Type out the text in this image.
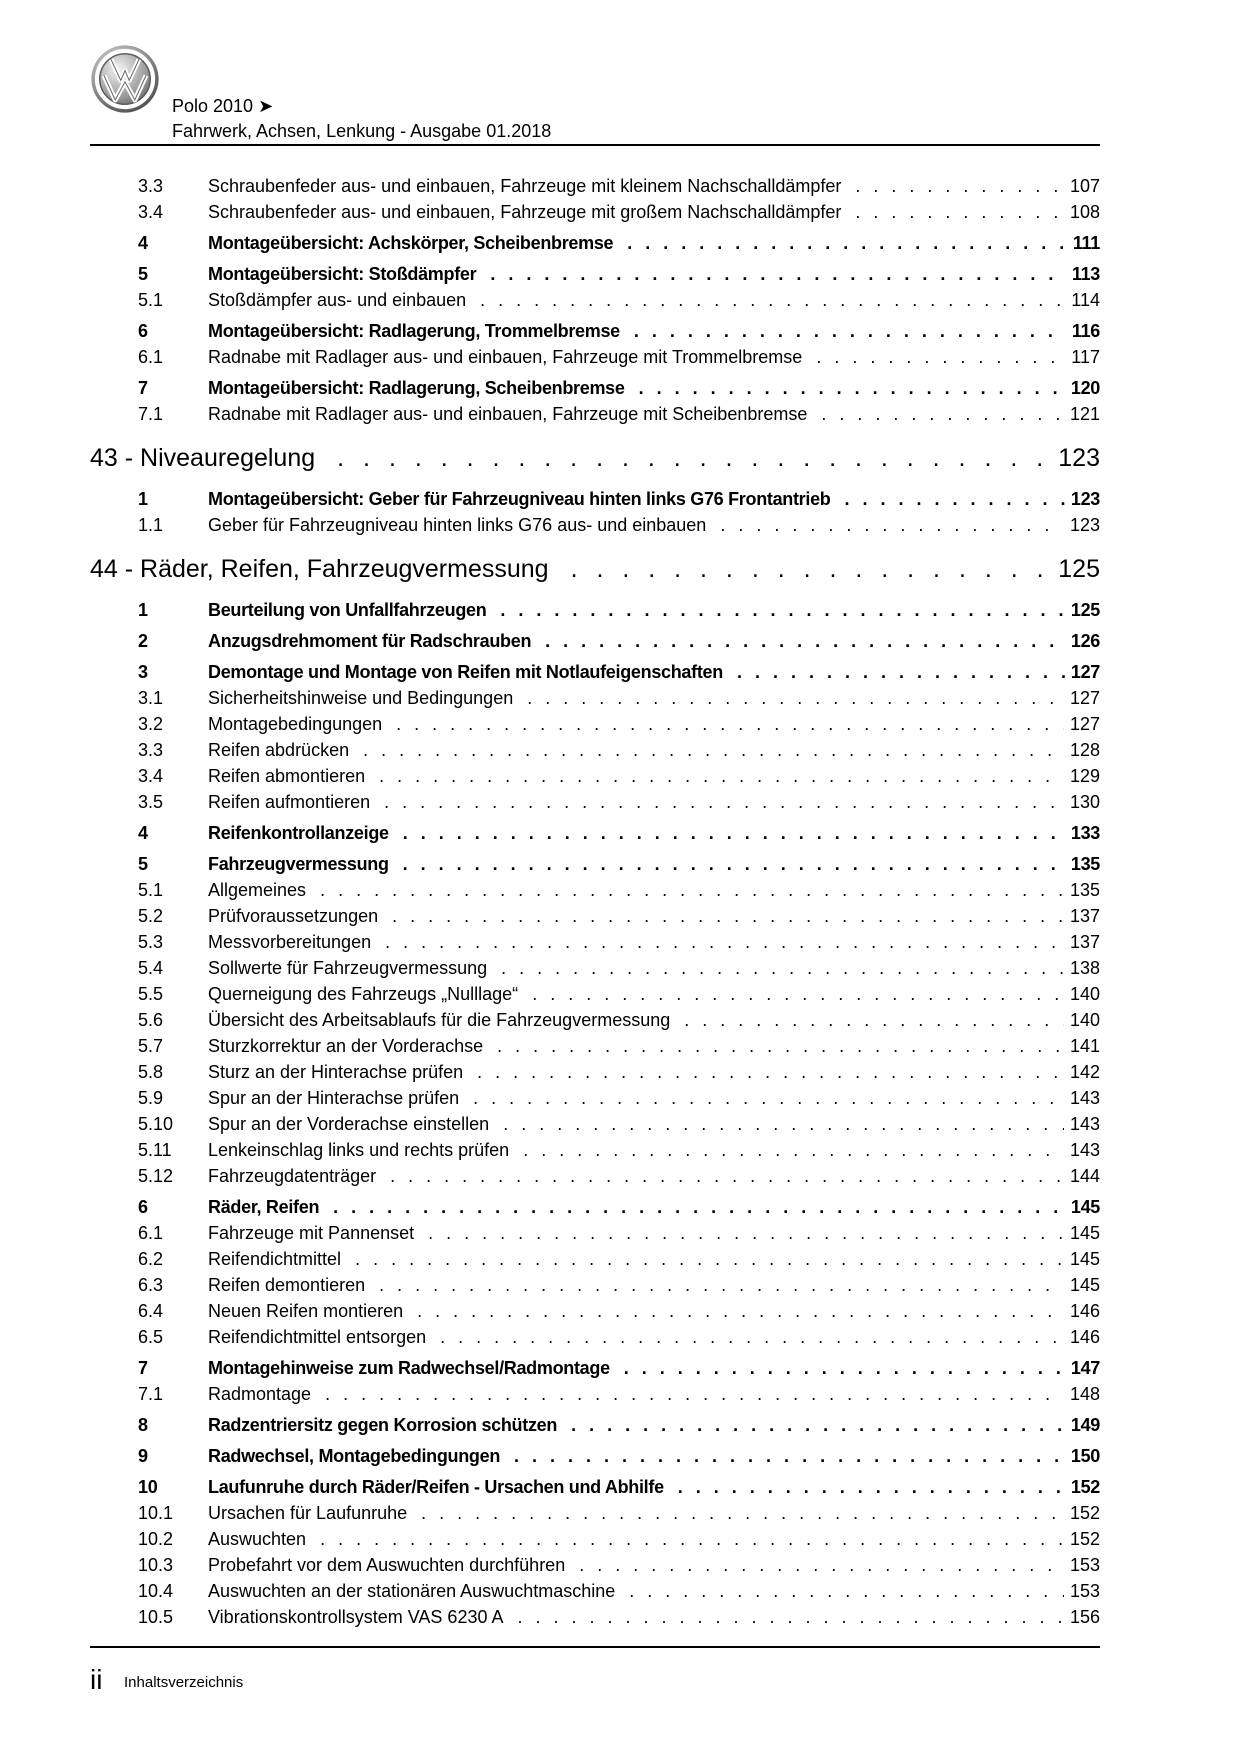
Polo 2010 ➤
Fahrwerk, Achsen, Lenkung - Ausgabe 01.2018
3.3	Schraubenfeder aus- und einbauen, Fahrzeuge mit kleinem Nachschalldämpfer . . .	107
3.4	Schraubenfeder aus- und einbauen, Fahrzeuge mit großem Nachschalldämpfer . . .	108
4	Montageübersicht: Achskörper, Scheibenbremse . . .	111
5	Montageübersicht: Stoßdämpfer . . .	113
5.1	Stoßdämpfer aus- und einbauen . . .	114
6	Montageübersicht: Radlagerung, Trommelbremse . . .	116
6.1	Radnabe mit Radlager aus- und einbauen, Fahrzeuge mit Trommelbremse . . .	117
7	Montageübersicht: Radlagerung, Scheibenbremse . . .	120
7.1	Radnabe mit Radlager aus- und einbauen, Fahrzeuge mit Scheibenbremse . . .	121
43 - Niveauregelung . . .	123
1	Montageübersicht: Geber für Fahrzeugniveau hinten links G76 Frontantrieb . . .	123
1.1	Geber für Fahrzeugniveau hinten links G76 aus- und einbauen . . .	123
44 - Räder, Reifen, Fahrzeugvermessung . . .	125
1	Beurteilung von Unfallfahrzeugen . . .	125
2	Anzugsdrehmoment für Radschrauben . . .	126
3	Demontage und Montage von Reifen mit Notlaufeigenschaften . . .	127
3.1	Sicherheitshinweise und Bedingungen . . .	127
3.2	Montagebedingungen . . .	127
3.3	Reifen abdrücken . . .	128
3.4	Reifen abmontieren . . .	129
3.5	Reifen aufmontieren . . .	130
4	Reifenkontrollanzeige . . .	133
5	Fahrzeugvermessung . . .	135
5.1	Allgemeines . . .	135
5.2	Prüfvoraussetzungen . . .	137
5.3	Messvorbereitungen . . .	137
5.4	Sollwerte für Fahrzeugvermessung . . .	138
5.5	Querneigung des Fahrzeugs „Nulllage“ . . .	140
5.6	Übersicht des Arbeitsablaufs für die Fahrzeugvermessung . . .	140
5.7	Sturzkorrektur an der Vorderachse . . .	141
5.8	Sturz an der Hinterachse prüfen . . .	142
5.9	Spur an der Hinterachse prüfen . . .	143
5.10	Spur an der Vorderachse einstellen . . .	143
5.11	Lenkeinschlag links und rechts prüfen . . .	143
5.12	Fahrzeugdatenträger . . .	144
6	Räder, Reifen . . .	145
6.1	Fahrzeuge mit Pannenset . . .	145
6.2	Reifendichtmittel . . .	145
6.3	Reifen demontieren . . .	145
6.4	Neuen Reifen montieren . . .	146
6.5	Reifendichtmittel entsorgen . . .	146
7	Montagehinweise zum Radwechsel/Radmontage . . .	147
7.1	Radmontage . . .	148
8	Radzentriersitz gegen Korrosion schützen . . .	149
9	Radwechsel, Montagebedingungen . . .	150
10	Laufunruhe durch Räder/Reifen - Ursachen und Abhilfe . . .	152
10.1	Ursachen für Laufunruhe . . .	152
10.2	Auswuchten . . .	152
10.3	Probefahrt vor dem Auswuchten durchführen . . .	153
10.4	Auswuchten an der stationären Auswuchtmaschine . . .	153
10.5	Vibrationskontrollsystem VAS 6230 A . . .	156
ii Inhaltsverzeichnis
